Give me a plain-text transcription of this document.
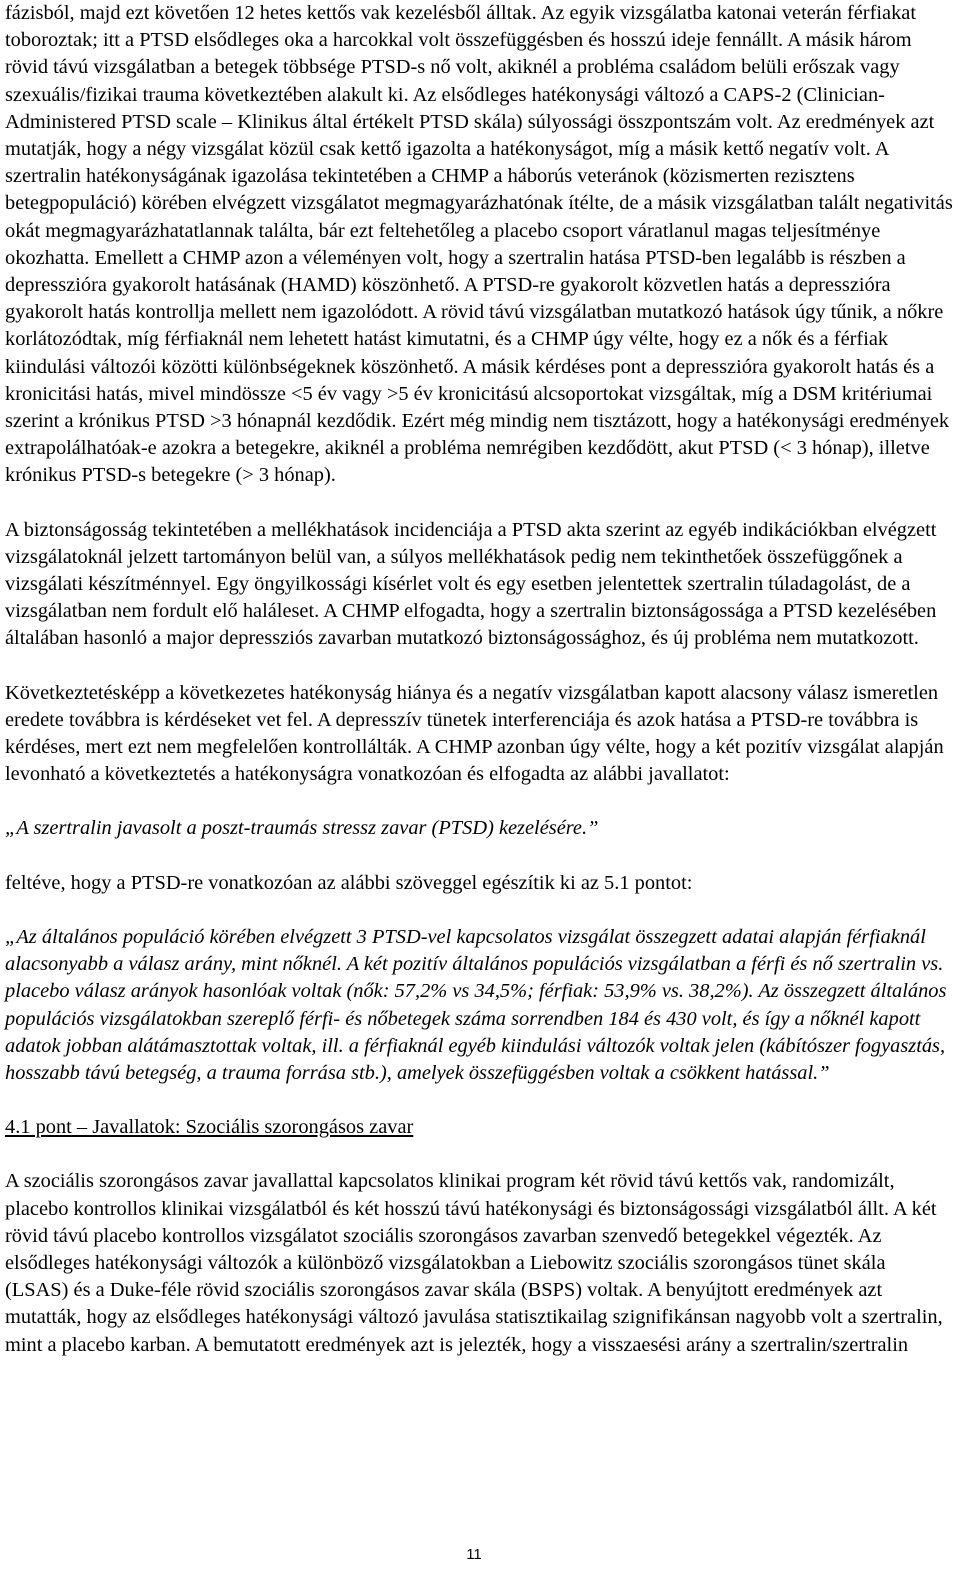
fázisból, majd ezt követően 12 hetes kettős vak kezelésből álltak. Az egyik vizsgálatba katonai veterán férfiakat toboroztak; itt a PTSD elsődleges oka a harcokkal volt összefüggésben és hosszú ideje fennállt. A másik három rövid távú vizsgálatban a betegek többsége PTSD-s nő volt, akiknél a probléma családom belüli erőszak vagy szexuális/fizikai trauma következtében alakult ki. Az elsődleges hatékonysági változó a CAPS-2 (Clinician-Administered PTSD scale – Klinikus által értékelt PTSD skála) súlyossági összpontszám volt. Az eredmények azt mutatják, hogy a négy vizsgálat közül csak kettő igazolta a hatékonyságot, míg a másik kettő negatív volt. A szertralin hatékonyságának igazolása tekintetében a CHMP a háborús veteránok (közismerten rezisztens betegpopuláció) körében elvégzett vizsgálatot megmagyarázhatónak ítélte, de a másik vizsgálatban talált negativitás okát megmagyarázhatatlannak találta, bár ezt feltehetőleg a placebo csoport váratlanul magas teljesítménye okozhatta. Emellett a CHMP azon a véleményen volt, hogy a szertralin hatása PTSD-ben legalább is részben a depresszióra gyakorolt hatásának (HAMD) köszönhető. A PTSD-re gyakorolt közvetlen hatás a depresszióra gyakorolt hatás kontrollja mellett nem igazolódott. A rövid távú vizsgálatban mutatkozó hatások úgy tűnik, a nőkre korlátozódtak, míg férfiaknál nem lehetett hatást kimutatni, és a CHMP úgy vélte, hogy ez a nők és a férfiak kiindulási változói közötti különbségeknek köszönhető. A másik kérdéses pont a depresszióra gyakorolt hatás és a kronicitási hatás, mivel mindössze <5 év vagy >5 év kronicitású alcsoportokat vizsgáltak, míg a DSM kritériumai szerint a krónikus PTSD >3 hónapnál kezdődik. Ezért még mindig nem tisztázott, hogy a hatékonysági eredmények extrapolálhatóak-e azokra a betegekre, akiknél a probléma nemrégiben kezdődött, akut PTSD (< 3 hónap), illetve krónikus PTSD-s betegekre (> 3 hónap).

A biztonságosság tekintetében a mellékhatások incidenciája a PTSD akta szerint az egyéb indikációkban elvégzett vizsgálatoknál jelzett tartományon belül van, a súlyos mellékhatások pedig nem tekinthetőek összefüggőnek a vizsgálati készítménnyel. Egy öngyilkossági kísérlet volt és egy esetben jelentettek szertralin túladagolást, de a vizsgálatban nem fordult elő haláleset. A CHMP elfogadta, hogy a szertralin biztonságossága a PTSD kezelésében általában hasonló a major depressziós zavarban mutatkozó biztonságossághoz, és új probléma nem mutatkozott.

Következtetésképp a következetes hatékonyság hiánya és a negatív vizsgálatban kapott alacsony válasz ismeretlen eredete továbbra is kérdéseket vet fel. A depresszív tünetek interferenciája és azok hatása a PTSD-re továbbra is kérdéses, mert ezt nem megfelelően kontrollálták. A CHMP azonban úgy vélte, hogy a két pozitív vizsgálat alapján levonható a következtetés a hatékonyságra vonatkozóan és elfogadta az alábbi javallatot:

„A szertralin javasolt a poszt-traumás stressz zavar (PTSD) kezelésére.”

feltéve, hogy a PTSD-re vonatkozóan az alábbi szöveggel egészítik ki az 5.1 pontot:

„Az általános populáció körében elvégzett 3 PTSD-vel kapcsolatos vizsgálat összegzett adatai alapján férfiaknál alacsonyabb a válasz arány, mint nőknél. A két pozitív általános populációs vizsgálatban a férfi és nő szertralin vs. placebo válasz arányok hasonlóak voltak (nők: 57,2% vs 34,5%; férfiak: 53,9% vs. 38,2%). Az összegzett általános populációs vizsgálatokban szereplő férfi- és nőbetegek száma sorrendben 184 és 430 volt, és így a nőknél kapott adatok jobban alátámasztottak voltak, ill. a férfiaknál egyéb kiindulási változók voltak jelen (kábítószer fogyasztás, hosszabb távú betegség, a trauma forrása stb.), amelyek összefüggésben voltak a csökkent hatással.”

4.1 pont – Javallatok: Szociális szorongásos zavar

A szociális szorongásos zavar javallattal kapcsolatos klinikai program két rövid távú kettős vak, randomizált, placebo kontrollos klinikai vizsgálatból és két hosszú távú hatékonysági és biztonságossági vizsgálatból állt. A két rövid távú placebo kontrollos vizsgálatot szociális szorongásos zavarban szenvedő betegekkel végezték. Az elsődleges hatékonysági változók a különböző vizsgálatokban a Liebowitz szociális szorongásos tünet skála (LSAS) és a Duke-féle rövid szociális szorongásos zavar skála (BSPS) voltak. A benyújtott eredmények azt mutatták, hogy az elsődleges hatékonysági változó javulása statisztikailag szignifikánsan nagyobb volt a szertralin, mint a placebo karban. A bemutatott eredmények azt is jelezték, hogy a visszaesési arány a szertralin/szertralin

11
